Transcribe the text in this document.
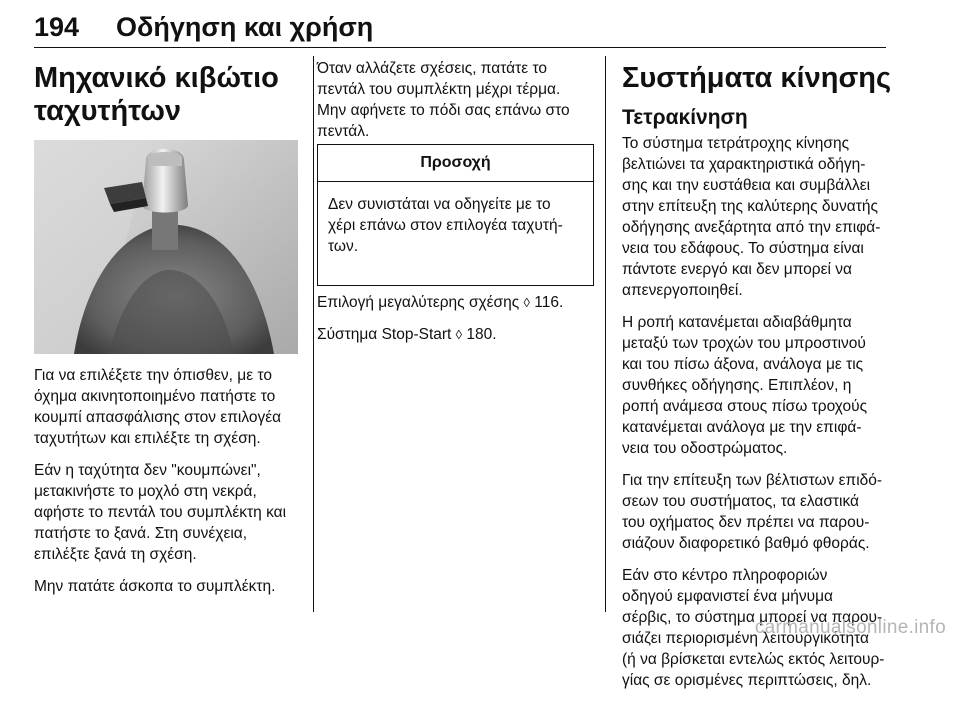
194 Οδήγηση και χρήση
Μηχανικό κιβώτιο
ταχυτήτων

Για να επιλέξετε την όπισθεν, με το
όχημα ακινητοποιημένο πατήστε το
κουμπί απασφάλισης στον επιλογέα
ταχυτήτων και επιλέξτε τη σχέση.

Εάν η ταχύτητα δεν "κουμπώνει",
μετακινήστε το μοχλό στη νεκρά,
αφήστε το πεντάλ του συμπλέκτη και
πατήστε το ξανά. Στη συνέχεια,
επιλέξτε ξανά τη σχέση.

Μην πατάτε άσκοπα το συμπλέκτη.

Όταν αλλάζετε σχέσεις, πατάτε το
πεντάλ του συμπλέκτη μέχρι τέρμα.
Μην αφήνετε το πόδι σας επάνω στο
πεντάλ.

Προσοχή
Δεν συνιστάται να οδηγείτε με το
χέρι επάνω στον επιλογέα ταχυτή-
των.

Επιλογή μεγαλύτερης σχέσης ◊ 116.

Σύστημα Stop-Start ◊ 180.

Συστήματα κίνησης
Τετρακίνηση

Το σύστημα τετράτροχης κίνησης
βελτιώνει τα χαρακτηριστικά οδήγη-
σης και την ευστάθεια και συμβάλλει
στην επίτευξη της καλύτερης δυνατής
οδήγησης ανεξάρτητα από την επιφά-
νεια του εδάφους. Το σύστημα είναι
πάντοτε ενεργό και δεν μπορεί να
απενεργοποιηθεί.

Η ροπή κατανέμεται αδιαβάθμητα
μεταξύ των τροχών του μπροστινού
και του πίσω άξονα, ανάλογα με τις
συνθήκες οδήγησης. Επιπλέον, η
ροπή ανάμεσα στους πίσω τροχούς
κατανέμεται ανάλογα με την επιφά-
νεια του οδοστρώματος.

Για την επίτευξη των βέλτιστων επιδό-
σεων του συστήματος, τα ελαστικά
του οχήματος δεν πρέπει να παρου-
σιάζουν διαφορετικό βαθμό φθοράς.

Εάν στο κέντρο πληροφοριών
οδηγού εμφανιστεί ένα μήνυμα
σέρβις, το σύστημα μπορεί να παρου-
σιάζει περιορισμένη λειτουργικότητα
(ή να βρίσκεται εντελώς εκτός λειτουρ-
γίας σε ορισμένες περιπτώσεις, δηλ.

carmanualsonline.info
